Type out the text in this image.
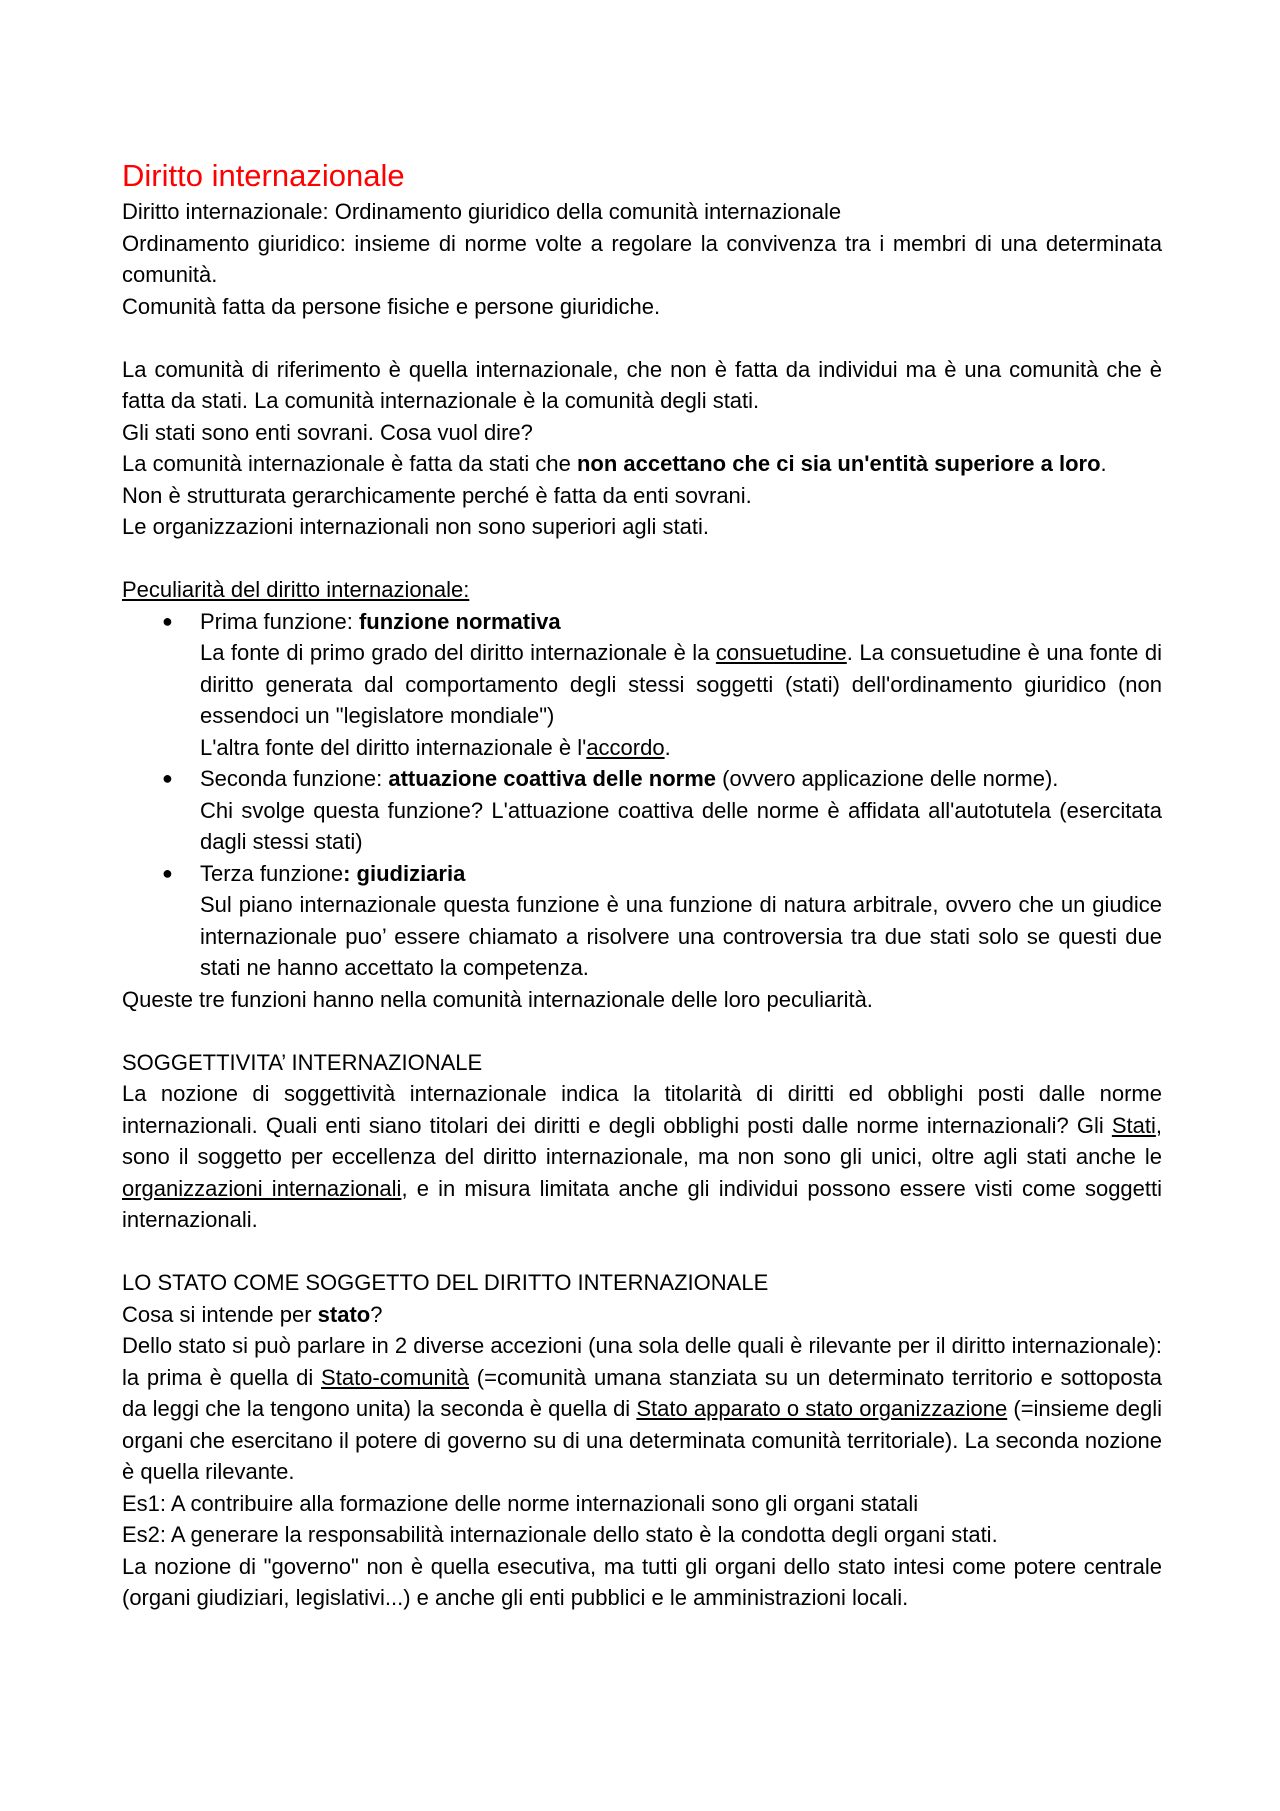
Diritto internazionale

Diritto internazionale: Ordinamento giuridico della comunità internazionale

Ordinamento giuridico: insieme di norme volte a regolare la convivenza tra i membri di una determinata comunità.

Comunità fatta da persone fisiche e persone giuridiche.

La comunità di riferimento è quella internazionale, che non è fatta da individui ma è una comunità che è fatta da stati. La comunità internazionale è la comunità degli stati.

Gli stati sono enti sovrani. Cosa vuol dire?

La comunità internazionale è fatta da stati che non accettano che ci sia un'entità superiore a loro.

Non è strutturata gerarchicamente perché è fatta da enti sovrani.

Le organizzazioni internazionali non sono superiori agli stati.

Peculiarità del diritto internazionale:

● Prima funzione: funzione normativa

La fonte di primo grado del diritto internazionale è la consuetudine. La consuetudine è una fonte di diritto generata dal comportamento degli stessi soggetti (stati) dell'ordinamento giuridico (non essendoci un "legislatore mondiale")

L'altra fonte del diritto internazionale è l'accordo.

● Seconda funzione: attuazione coattiva delle norme (ovvero applicazione delle norme).

Chi svolge questa funzione? L'attuazione coattiva delle norme è affidata all'autotutela (esercitata dagli stessi stati)

● Terza funzione: giudiziaria

Sul piano internazionale questa funzione è una funzione di natura arbitrale, ovvero che un giudice internazionale puo’ essere chiamato a risolvere una controversia tra due stati solo se questi due stati ne hanno accettato la competenza.

Queste tre funzioni hanno nella comunità internazionale delle loro peculiarità.

SOGGETTIVITA’ INTERNAZIONALE

La nozione di soggettività internazionale indica la titolarità di diritti ed obblighi posti dalle norme internazionali. Quali enti siano titolari dei diritti e degli obblighi posti dalle norme internazionali? Gli Stati, sono il soggetto per eccellenza del diritto internazionale, ma non sono gli unici, oltre agli stati anche le organizzazioni internazionali, e in misura limitata anche gli individui possono essere visti come soggetti internazionali.

LO STATO COME SOGGETTO DEL DIRITTO INTERNAZIONALE

Cosa si intende per stato?

Dello stato si può parlare in 2 diverse accezioni (una sola delle quali è rilevante per il diritto internazionale): la prima è quella di Stato-comunità (=comunità umana stanziata su un determinato territorio e sottoposta da leggi che la tengono unita) la seconda è quella di Stato apparato o stato organizzazione (=insieme degli organi che esercitano il potere di governo su di una determinata comunità territoriale). La seconda nozione è quella rilevante.

Es1: A contribuire alla formazione delle norme internazionali sono gli organi statali

Es2: A generare la responsabilità internazionale dello stato è la condotta degli organi stati.

La nozione di "governo" non è quella esecutiva, ma tutti gli organi dello stato intesi come potere centrale (organi giudiziari, legislativi...) e anche gli enti pubblici e le amministrazioni locali.
